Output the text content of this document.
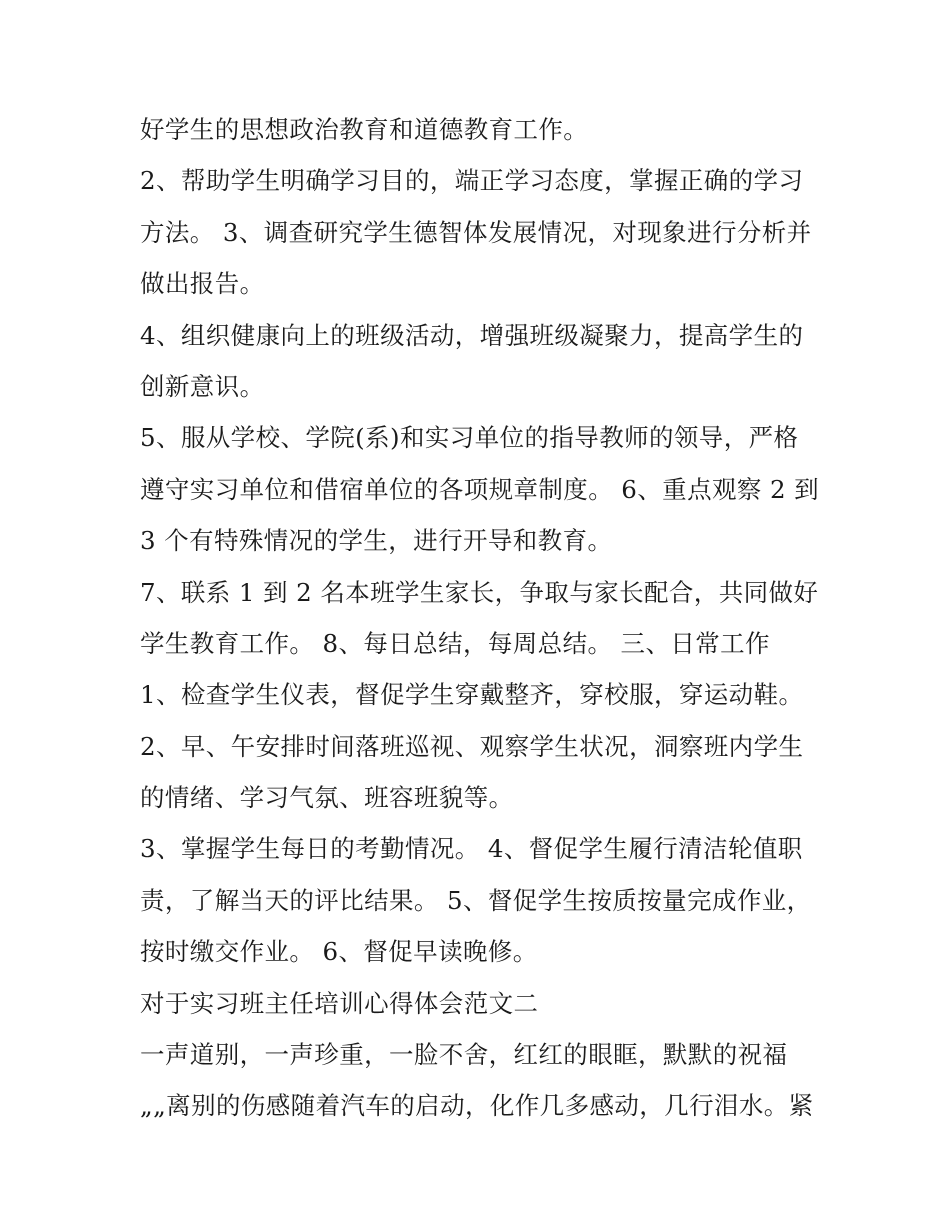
好学生的思想政治教育和道德教育工作。
2、帮助学生明确学习目的，端正学习态度，掌握正确的学习
方法。 3、调查研究学生德智体发展情况，对现象进行分析并
做出报告。
4、组织健康向上的班级活动，增强班级凝聚力，提高学生的
创新意识。
5、服从学校、学院(系)和实习单位的指导教师的领导，严格
遵守实习单位和借宿单位的各项规章制度。 6、重点观察 2 到
3 个有特殊情况的学生，进行开导和教育。
7、联系 1 到 2 名本班学生家长，争取与家长配合，共同做好
学生教育工作。 8、每日总结，每周总结。 三、日常工作
1、检查学生仪表，督促学生穿戴整齐，穿校服，穿运动鞋。
2、早、午安排时间落班巡视、观察学生状况，洞察班内学生
的情绪、学习气氛、班容班貌等。
3、掌握学生每日的考勤情况。 4、督促学生履行清洁轮值职
责，了解当天的评比结果。 5、督促学生按质按量完成作业，
按时缴交作业。 6、督促早读晚修。
对于实习班主任培训心得体会范文二
一声道别，一声珍重，一脸不舍，红红的眼眶，默默的祝福
„„离别的伤感随着汽车的启动，化作几多感动，几行泪水。紧
